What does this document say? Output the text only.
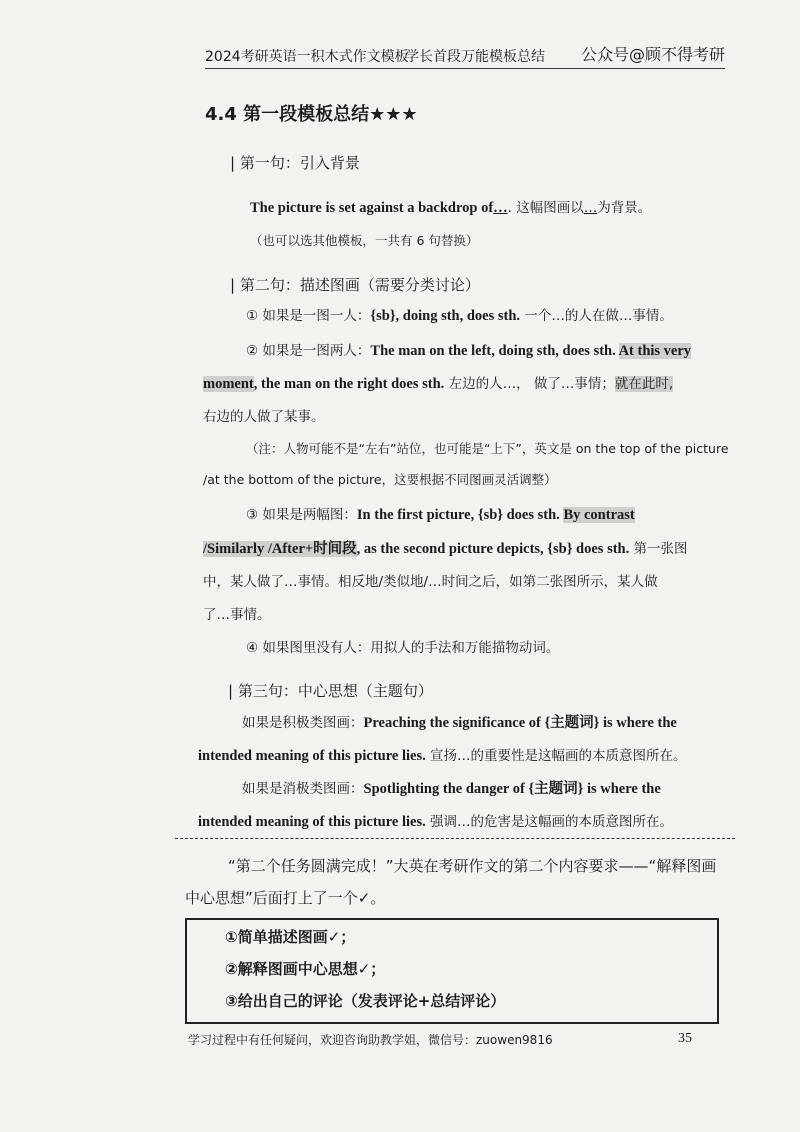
2024考研英语一积木式作文模板
学长首段万能模板总结 公众号@顾不得考研
4.4 第一段模板总结★★★
| 第一句：引入背景
The picture is set against a backdrop of…. 这幅图画以…为背景。
（也可以选其他模板，一共有 6 句替换）
| 第二句：描述图画（需要分类讨论）
① 如果是一图一人：{sb}, doing sth, does sth. 一个…的人在做…事情。
② 如果是一图两人：The man on the left, doing sth, does sth. At this very
moment, the man on the right does sth. 左边的人…， 做了…事情；就在此时,
右边的人做了某事。
（注：人物可能不是“左右”站位，也可能是“上下”，英文是 on the top of the picture
/at the bottom of the picture，这要根据不同图画灵活调整）
③ 如果是两幅图：In the first picture, {sb} does sth. By contrast
/Similarly /After+时间段, as the second picture depicts, {sb} does sth. 第一张图
中，某人做了…事情。相反地/类似地/…时间之后，如第二张图所示，某人做
了…事情。
④ 如果图里没有人：用拟人的手法和万能描物动词。
| 第三句：中心思想（主题句）
如果是积极类图画：Preaching the significance of {主题词} is where the
intended meaning of this picture lies. 宣扬…的重要性是这幅画的本质意图所在。
如果是消极类图画：Spotlighting the danger of {主题词} is where the
intended meaning of this picture lies. 强调…的危害是这幅画的本质意图所在。
“第二个任务圆满完成！”大英在考研作文的第二个内容要求——“解释图画
中心思想”后面打上了一个✓。
①简单描述图画✓；
②解释图画中心思想✓；
③给出自己的评论（发表评论+总结评论）
学习过程中有任何疑问，欢迎咨询助教学姐，微信号：zuowen9816	35
